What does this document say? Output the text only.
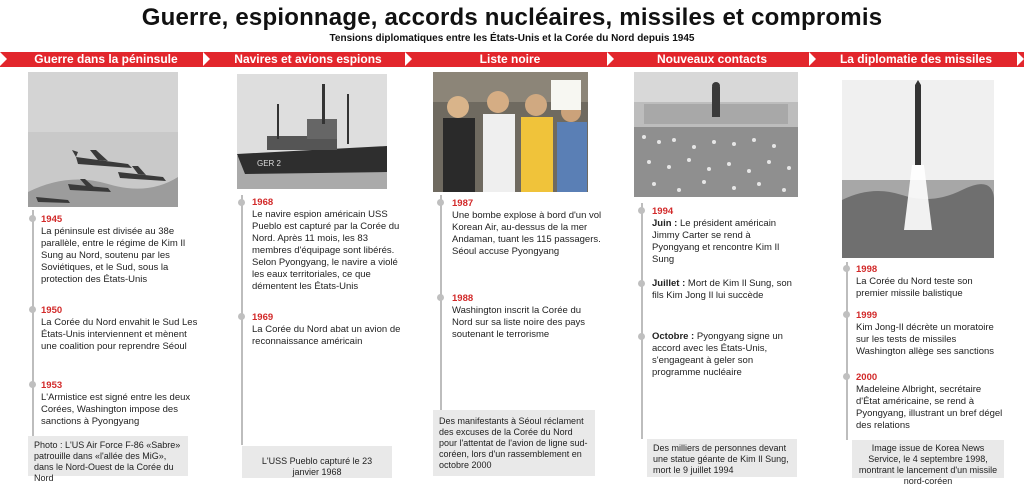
Guerre, espionnage, accords nucléaires, missiles et compromis
Tensions diplomatiques entre les États-Unis et la Corée du Nord depuis 1945
Guerre dans la péninsule	Navires et avions espions	Liste noire	Nouveaux contacts	La diplomatie des missiles
1945
La péninsule est divisée au 38e parallèle, entre le régime de Kim Il Sung au Nord, soutenu par les Soviétiques, et le Sud, sous la protection des États-Unis
1950
La Corée du Nord envahit le Sud Les États-Unis interviennent et mènent une coalition pour reprendre Séoul
1953
L'Armistice est signé entre les deux Corées, Washington impose des sanctions à Pyongyang
Photo : L'US Air Force F-86 «Sabre» patrouille dans «l'allée des MiG», dans le Nord-Ouest de la Corée du Nord
GER 2
1968
Le navire espion américain USS Pueblo est capturé par la Corée du Nord. Après 11 mois, les 83 membres d'équipage sont libérés. Selon Pyongyang, le navire a violé les eaux territoriales, ce que démentent les États-Unis
1969
La Corée du Nord abat un avion de reconnaissance américain
L'USS Pueblo capturé le 23 janvier 1968
1987
Une bombe explose à bord d'un vol Korean Air, au-dessus de la mer Andaman, tuant les 115 passagers. Séoul accuse Pyongyang
1988
Washington inscrit la Corée du Nord sur sa liste noire des pays soutenant le terrorisme
Des manifestants à Séoul réclament des excuses de la Corée du Nord pour l'attentat de l'avion de ligne sud-coréen, lors d'un rassemblement en octobre 2000
1994
Juin : Le président américain Jimmy Carter se rend à Pyongyang et rencontre Kim Il Sung
Juillet : Mort de Kim Il Sung, son fils Kim Jong Il lui succède
Octobre : Pyongyang signe un accord avec les États-Unis, s'engageant à geler son programme nucléaire
Des milliers de personnes devant une statue géante de Kim Il Sung, mort le 9 juillet 1994
1998
La Corée du Nord teste son premier missile balistique
1999
Kim Jong-Il décrète un moratoire sur les tests de missiles Washington allège ses sanctions
2000
Madeleine Albright, secrétaire d'État américaine, se rend à Pyongyang, illustrant un bref dégel des relations
Image issue de Korea News Service, le 4 septembre 1998, montrant le lancement d'un missile nord-coréen
